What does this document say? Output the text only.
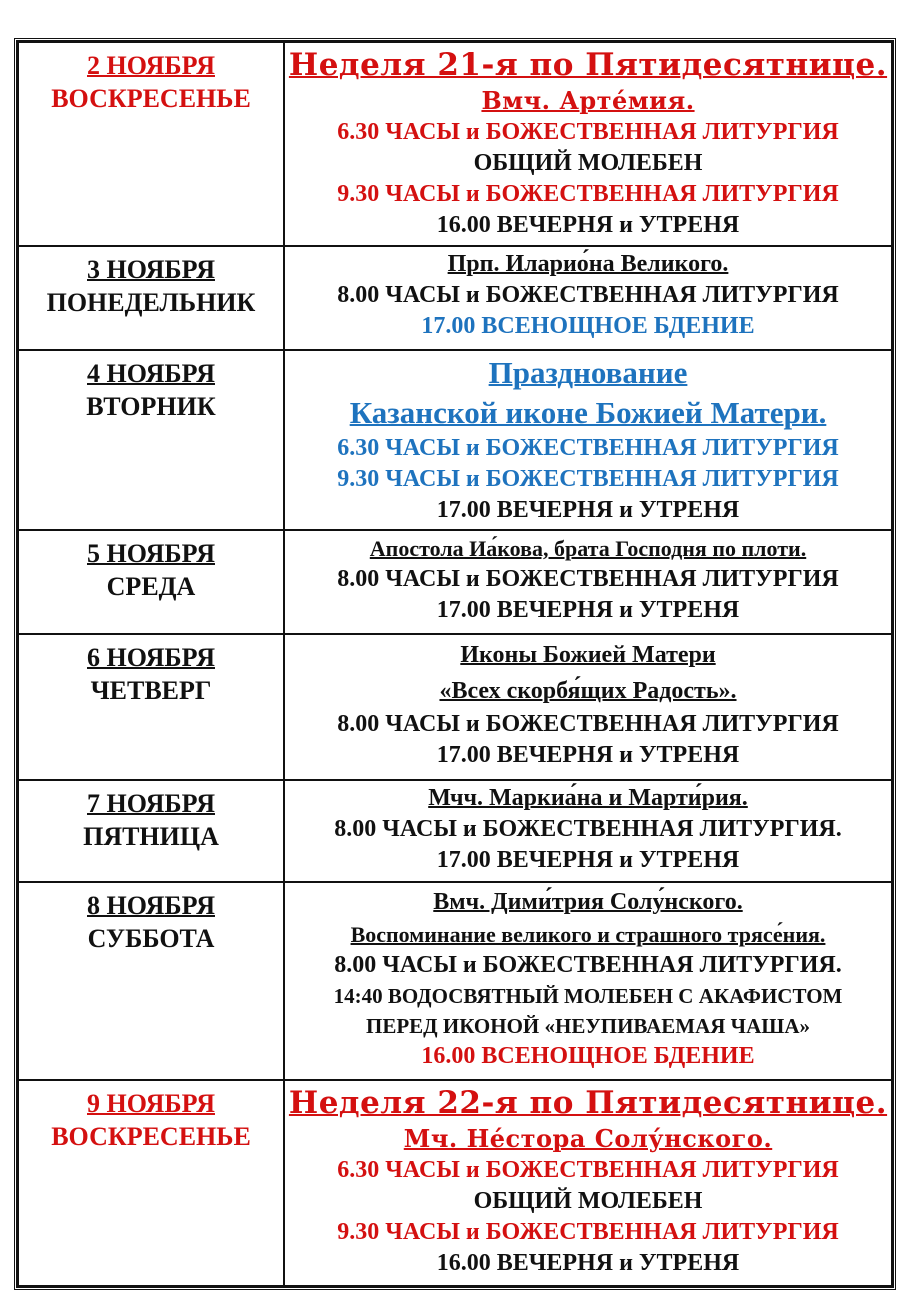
2 НОЯБРЯ
ВОСКРЕСЕНЬЕ

Неделя 21-я по Пятидесятнице.
Вмч. Арте́мия.
6.30 ЧАСЫ и БОЖЕСТВЕННАЯ ЛИТУРГИЯ
ОБЩИЙ МОЛЕБЕН
9.30 ЧАСЫ и БОЖЕСТВЕННАЯ ЛИТУРГИЯ
16.00 ВЕЧЕРНЯ и УТРЕНЯ

3 НОЯБРЯ
ПОНЕДЕЛЬНИК

Прп. Иларио́на Великого.
8.00 ЧАСЫ и БОЖЕСТВЕННАЯ ЛИТУРГИЯ
17.00 ВСЕНОЩНОЕ БДЕНИЕ

4 НОЯБРЯ
ВТОРНИК

Празднование
Казанской иконе Божией Матери.
6.30 ЧАСЫ и БОЖЕСТВЕННАЯ ЛИТУРГИЯ
9.30 ЧАСЫ и БОЖЕСТВЕННАЯ ЛИТУРГИЯ
17.00 ВЕЧЕРНЯ и УТРЕНЯ

5 НОЯБРЯ
СРЕДА

Апостола Иа́кова, брата Господня по плоти.
8.00 ЧАСЫ и БОЖЕСТВЕННАЯ ЛИТУРГИЯ
17.00 ВЕЧЕРНЯ и УТРЕНЯ

6 НОЯБРЯ
ЧЕТВЕРГ

Иконы Божией Матери
«Всех скорбя́щих Радость».
8.00 ЧАСЫ и БОЖЕСТВЕННАЯ ЛИТУРГИЯ
17.00 ВЕЧЕРНЯ и УТРЕНЯ

7 НОЯБРЯ
ПЯТНИЦА

Мчч. Маркиа́на и Марти́рия.
8.00 ЧАСЫ и БОЖЕСТВЕННАЯ ЛИТУРГИЯ.
17.00 ВЕЧЕРНЯ и УТРЕНЯ

8 НОЯБРЯ
СУББОТА

Вмч. Дими́трия Солу́нского.
Воспоминание великого и страшного трясе́ния.
8.00 ЧАСЫ и БОЖЕСТВЕННАЯ ЛИТУРГИЯ.
14:40 ВОДОСВЯТНЫЙ МОЛЕБЕН С АКАФИСТОМ
ПЕРЕД ИКОНОЙ «НЕУПИВАЕМАЯ ЧАША»
16.00 ВСЕНОЩНОЕ БДЕНИЕ

9 НОЯБРЯ
ВОСКРЕСЕНЬЕ

Неделя 22-я по Пятидесятнице.
Мч. Не́стора Солу́нского.
6.30 ЧАСЫ и БОЖЕСТВЕННАЯ ЛИТУРГИЯ
ОБЩИЙ МОЛЕБЕН
9.30 ЧАСЫ и БОЖЕСТВЕННАЯ ЛИТУРГИЯ
16.00 ВЕЧЕРНЯ и УТРЕНЯ
